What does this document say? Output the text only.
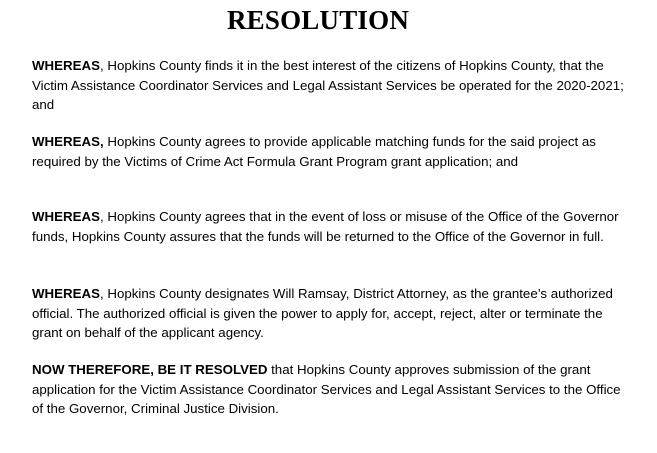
RESOLUTION

WHEREAS, Hopkins County finds it in the best interest of the citizens of Hopkins County, that the Victim Assistance Coordinator Services and Legal Assistant Services be operated for the 2020-2021; and

WHEREAS, Hopkins County agrees to provide applicable matching funds for the said project as required by the Victims of Crime Act Formula Grant Program grant application; and

WHEREAS, Hopkins County agrees that in the event of loss or misuse of the Office of the Governor funds, Hopkins County assures that the funds will be returned to the Office of the Governor in full.

WHEREAS, Hopkins County designates Will Ramsay, District Attorney, as the grantee’s authorized official. The authorized official is given the power to apply for, accept, reject, alter or terminate the grant on behalf of the applicant agency.

NOW THEREFORE, BE IT RESOLVED that Hopkins County approves submission of the grant application for the Victim Assistance Coordinator Services and Legal Assistant Services to the Office of the Governor, Criminal Justice Division.
